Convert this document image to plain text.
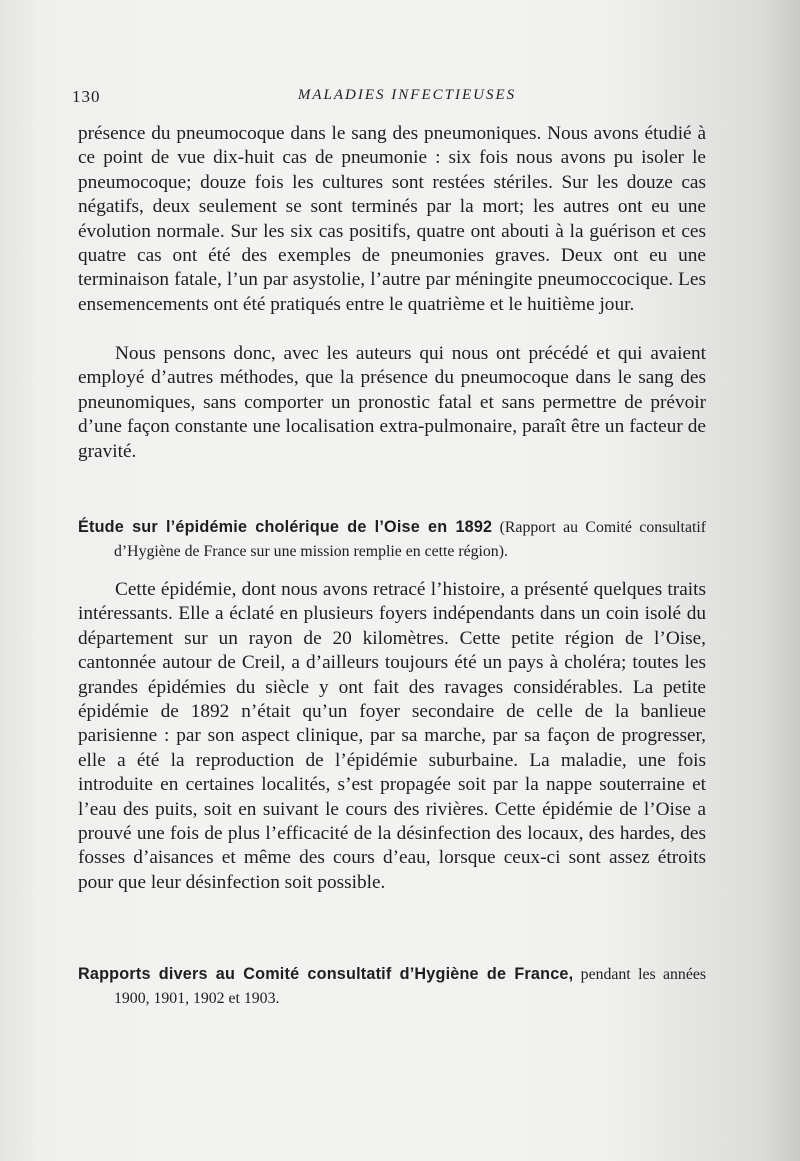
130	MALADIES INFECTIEUSES

présence du pneumocoque dans le sang des pneumoniques. Nous avons étudié à ce point de vue dix-huit cas de pneumonie : six fois nous avons pu isoler le pneumocoque; douze fois les cultures sont restées stériles. Sur les douze cas négatifs, deux seulement se sont terminés par la mort; les autres ont eu une évolution normale. Sur les six cas positifs, quatre ont abouti à la guérison et ces quatre cas ont été des exemples de pneumonies graves. Deux ont eu une terminaison fatale, l’un par asystolie, l’autre par méningite pneumoccocique. Les ensemencements ont été pratiqués entre le quatrième et le huitième jour.

Nous pensons donc, avec les auteurs qui nous ont précédé et qui avaient employé d’autres méthodes, que la présence du pneumocoque dans le sang des pneunomiques, sans comporter un pronostic fatal et sans permettre de prévoir d’une façon constante une localisation extra-pulmonaire, paraît être un facteur de gravité.

Étude sur l’épidémie cholérique de l’Oise en 1892 (Rapport au Comité consultatif
d’Hygiène de France sur une mission remplie en cette région).

Cette épidémie, dont nous avons retracé l’histoire, a présenté quelques traits intéressants. Elle a éclaté en plusieurs foyers indépendants dans un coin isolé du département sur un rayon de 20 kilomètres. Cette petite région de l’Oise, cantonnée autour de Creil, a d’ailleurs toujours été un pays à choléra; toutes les grandes épidémies du siècle y ont fait des ravages considérables. La petite épidémie de 1892 n’était qu’un foyer secondaire de celle de la banlieue parisienne : par son aspect clinique, par sa marche, par sa façon de progresser, elle a été la reproduction de l’épidémie suburbaine. La maladie, une fois introduite en certaines localités, s’est propagée soit par la nappe souterraine et l’eau des puits, soit en suivant le cours des rivières. Cette épidémie de l’Oise a prouvé une fois de plus l’efficacité de la désinfection des locaux, des hardes, des fosses d’aisances et même des cours d’eau, lorsque ceux-ci sont assez étroits pour que leur désinfection soit possible.

Rapports divers au Comité consultatif d’Hygiène de France, pendant les années
1900, 1901, 1902 et 1903.
